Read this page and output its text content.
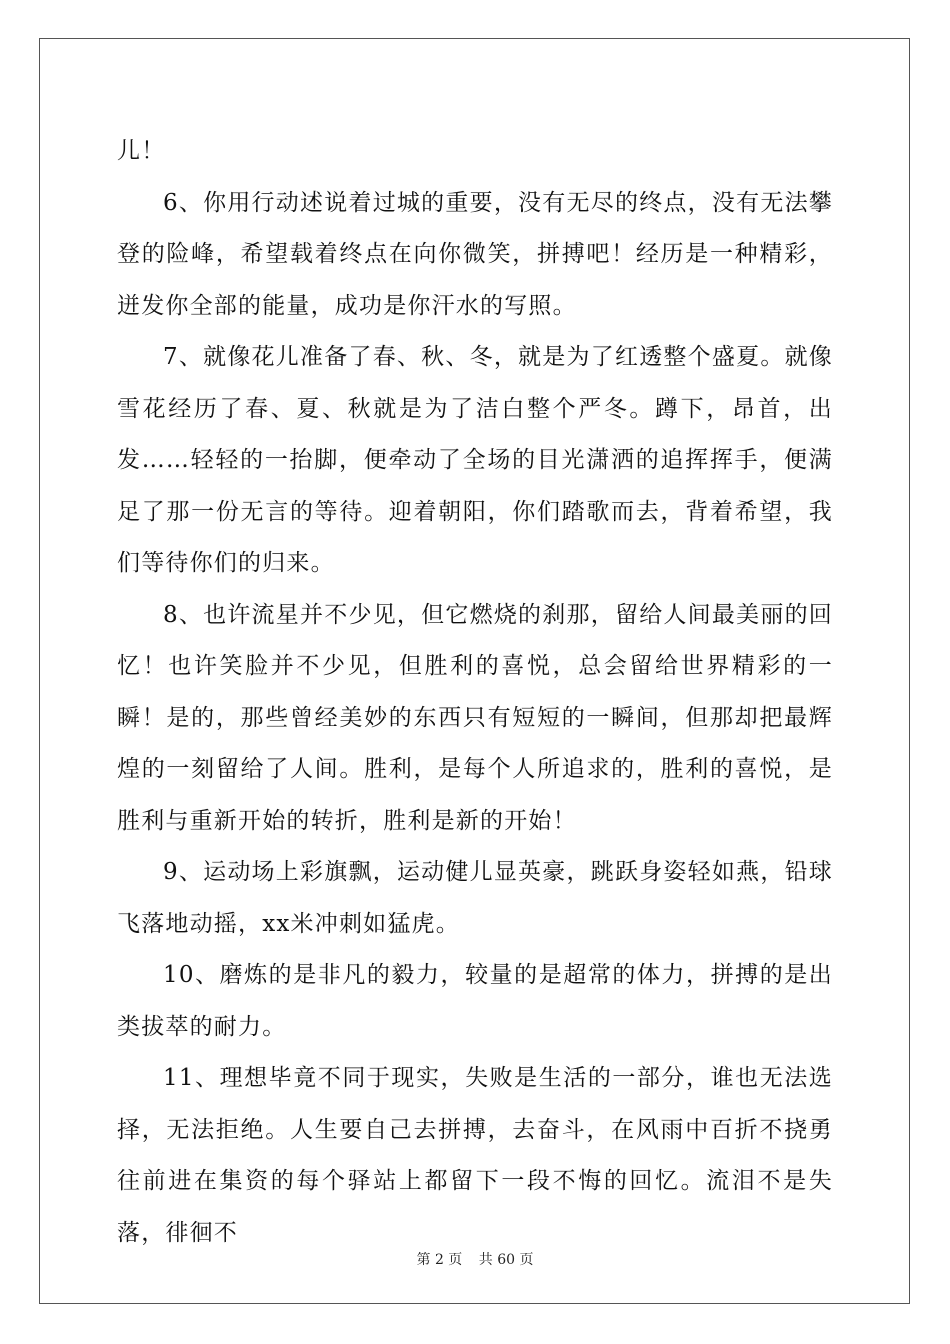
儿！

6、你用行动述说着过城的重要，没有无尽的终点，没有无法攀登的险峰，希望载着终点在向你微笑，拼搏吧！经历是一种精彩，迸发你全部的能量，成功是你汗水的写照。

7、就像花儿准备了春、秋、冬，就是为了红透整个盛夏。就像雪花经历了春、夏、秋就是为了洁白整个严冬。蹲下，昂首，出发……轻轻的一抬脚，便牵动了全场的目光潇洒的追挥挥手，便满足了那一份无言的等待。迎着朝阳，你们踏歌而去，背着希望，我们等待你们的归来。

8、也许流星并不少见，但它燃烧的刹那，留给人间最美丽的回忆！也许笑脸并不少见，但胜利的喜悦，总会留给世界精彩的一瞬！是的，那些曾经美妙的东西只有短短的一瞬间，但那却把最辉煌的一刻留给了人间。胜利，是每个人所追求的，胜利的喜悦，是胜利与重新开始的转折，胜利是新的开始！

9、运动场上彩旗飘，运动健儿显英豪，跳跃身姿轻如燕，铅球飞落地动摇，xx米冲刺如猛虎。

10、磨炼的是非凡的毅力，较量的是超常的体力，拼搏的是出类拔萃的耐力。

11、理想毕竟不同于现实，失败是生活的一部分，谁也无法选择，无法拒绝。人生要自己去拼搏，去奋斗，在风雨中百折不挠勇往前进在集资的每个驿站上都留下一段不悔的回忆。流泪不是失落，徘徊不

第 2 页 共 60 页
